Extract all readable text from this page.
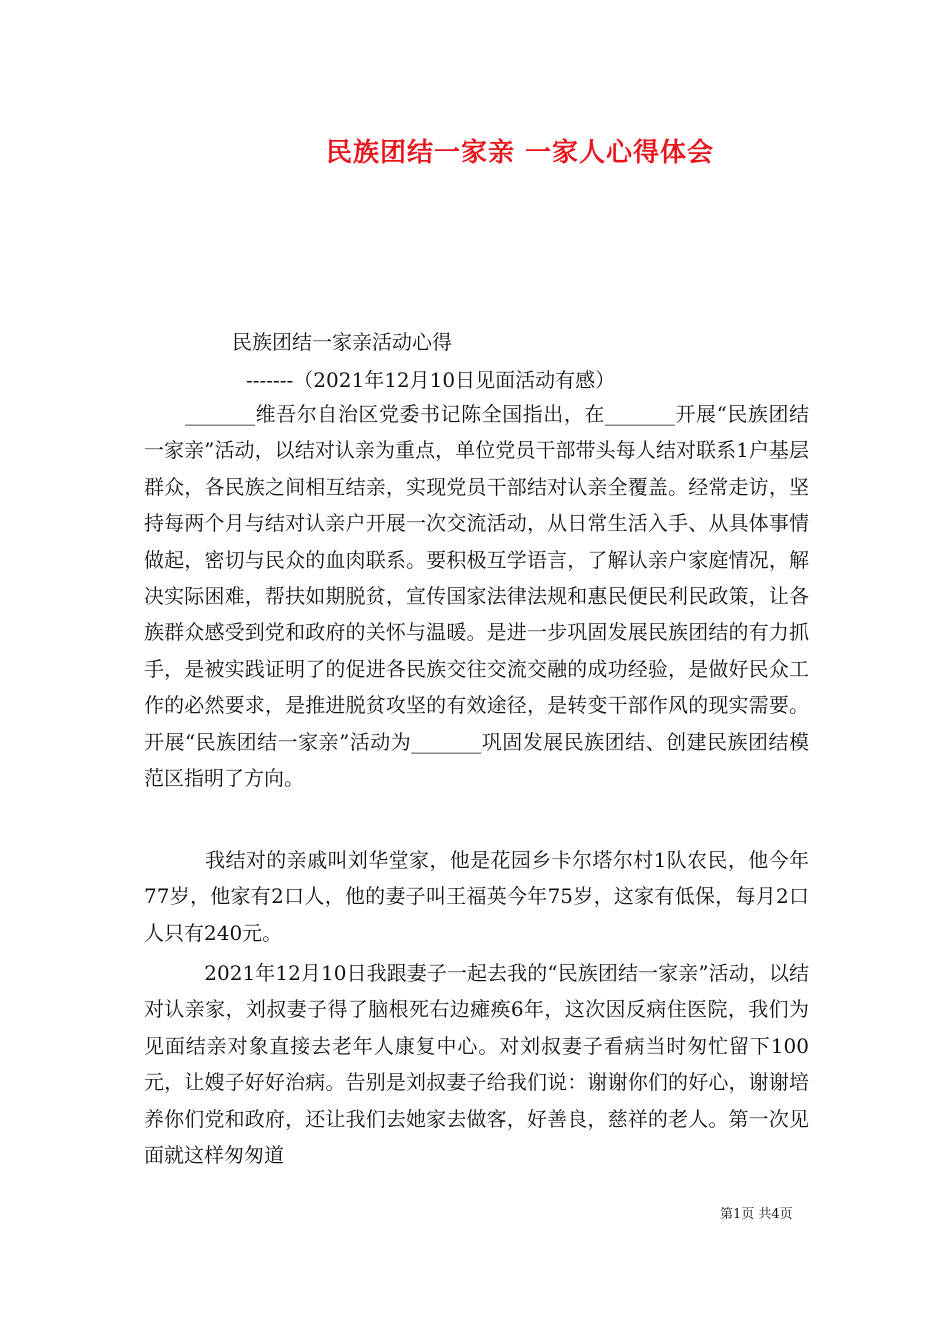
民族团结一家亲 一家人心得体会
民族团结一家亲活动心得
-------（2021年12月10日见面活动有感）
　　_______维吾尔自治区党委书记陈全国指出，在_______开展“民族团结一家亲”活动，以结对认亲为重点，单位党员干部带头每人结对联系1户基层群众，各民族之间相互结亲，实现党员干部结对认亲全覆盖。经常走访，坚持每两个月与结对认亲户开展一次交流活动，从日常生活入手、从具体事情做起，密切与民众的血肉联系。要积极互学语言，了解认亲户家庭情况，解决实际困难，帮扶如期脱贫，宣传国家法律法规和惠民便民利民政策，让各族群众感受到党和政府的关怀与温暖。是进一步巩固发展民族团结的有力抓手，是被实践证明了的促进各民族交往交流交融的成功经验，是做好民众工作的必然要求，是推进脱贫攻坚的有效途径，是转变干部作风的现实需要。开展“民族团结一家亲”活动为_______巩固发展民族团结、创建民族团结模范区指明了方向。
　　　我结对的亲戚叫刘华堂家，他是花园乡卡尔塔尔村1队农民，他今年77岁，他家有2口人，他的妻子叫王福英今年75岁，这家有低保，每月2口人只有240元。
　　　2021年12月10日我跟妻子一起去我的“民族团结一家亲”活动，以结对认亲家，刘叔妻子得了脑根死右边瘫痪6年，这次因反病住医院，我们为见面结亲对象直接去老年人康复中心。对刘叔妻子看病当时匆忙留下100元，让嫂子好好治病。告别是刘叔妻子给我们说：谢谢你们的好心，谢谢培养你们党和政府，还让我们去她家去做客，好善良，慈祥的老人。第一次见面就这样匆匆道
第1页 共4页
